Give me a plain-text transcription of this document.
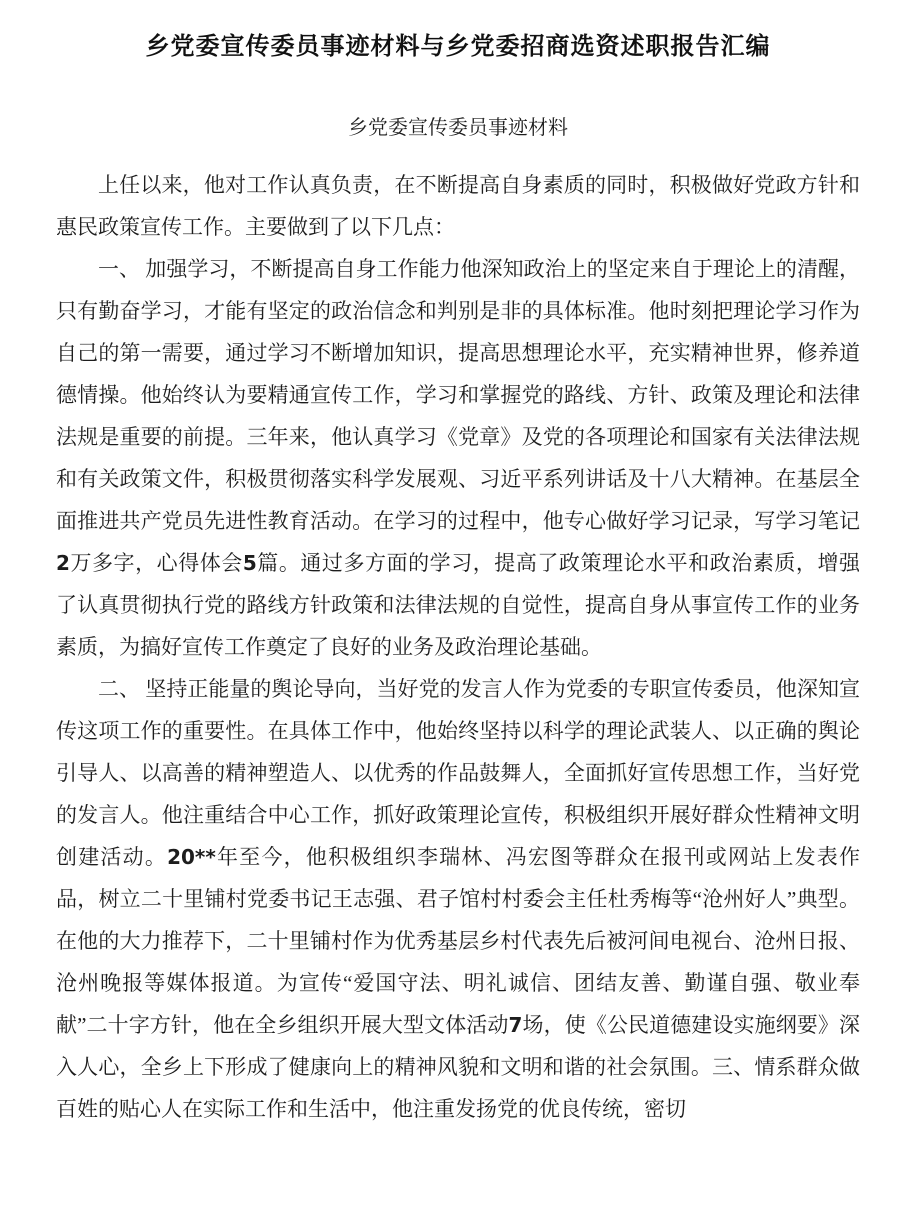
乡党委宣传委员事迹材料与乡党委招商选资述职报告汇编
乡党委宣传委员事迹材料

上任以来，他对工作认真负责，在不断提高自身素质的同时，积极做好党政方针和惠民政策宣传工作。主要做到了以下几点：

一、 加强学习，不断提高自身工作能力他深知政治上的坚定来自于理论上的清醒，只有勤奋学习，才能有坚定的政治信念和判别是非的具体标准。他时刻把理论学习作为自己的第一需要，通过学习不断增加知识，提高思想理论水平，充实精神世界，修养道德情操。他始终认为要精通宣传工作，学习和掌握党的路线、方针、政策及理论和法律法规是重要的前提。三年来，他认真学习《党章》及党的各项理论和国家有关法律法规和有关政策文件，积极贯彻落实科学发展观、习近平系列讲话及十八大精神。在基层全面推进共产党员先进性教育活动。在学习的过程中，他专心做好学习记录，写学习笔记2万多字，心得体会5篇。通过多方面的学习，提高了政策理论水平和政治素质，增强了认真贯彻执行党的路线方针政策和法律法规的自觉性，提高自身从事宣传工作的业务素质，为搞好宣传工作奠定了良好的业务及政治理论基础。

二、 坚持正能量的舆论导向，当好党的发言人作为党委的专职宣传委员，他深知宣传这项工作的重要性。在具体工作中，他始终坚持以科学的理论武装人、以正确的舆论引导人、以高善的精神塑造人、以优秀的作品鼓舞人，全面抓好宣传思想工作，当好党的发言人。他注重结合中心工作，抓好政策理论宣传，积极组织开展好群众性精神文明创建活动。20**年至今，他积极组织李瑞林、冯宏图等群众在报刊或网站上发表作品，树立二十里铺村党委书记王志强、君子馆村村委会主任杜秀梅等“沧州好人”典型。在他的大力推荐下，二十里铺村作为优秀基层乡村代表先后被河间电视台、沧州日报、沧州晚报等媒体报道。为宣传“爱国守法、明礼诚信、团结友善、勤谨自强、敬业奉献”二十字方针，他在全乡组织开展大型文体活动7场，使《公民道德建设实施纲要》深入人心，全乡上下形成了健康向上的精神风貌和文明和谐的社会氛围。三、情系群众做百姓的贴心人在实际工作和生活中，他注重发扬党的优良传统，密切
